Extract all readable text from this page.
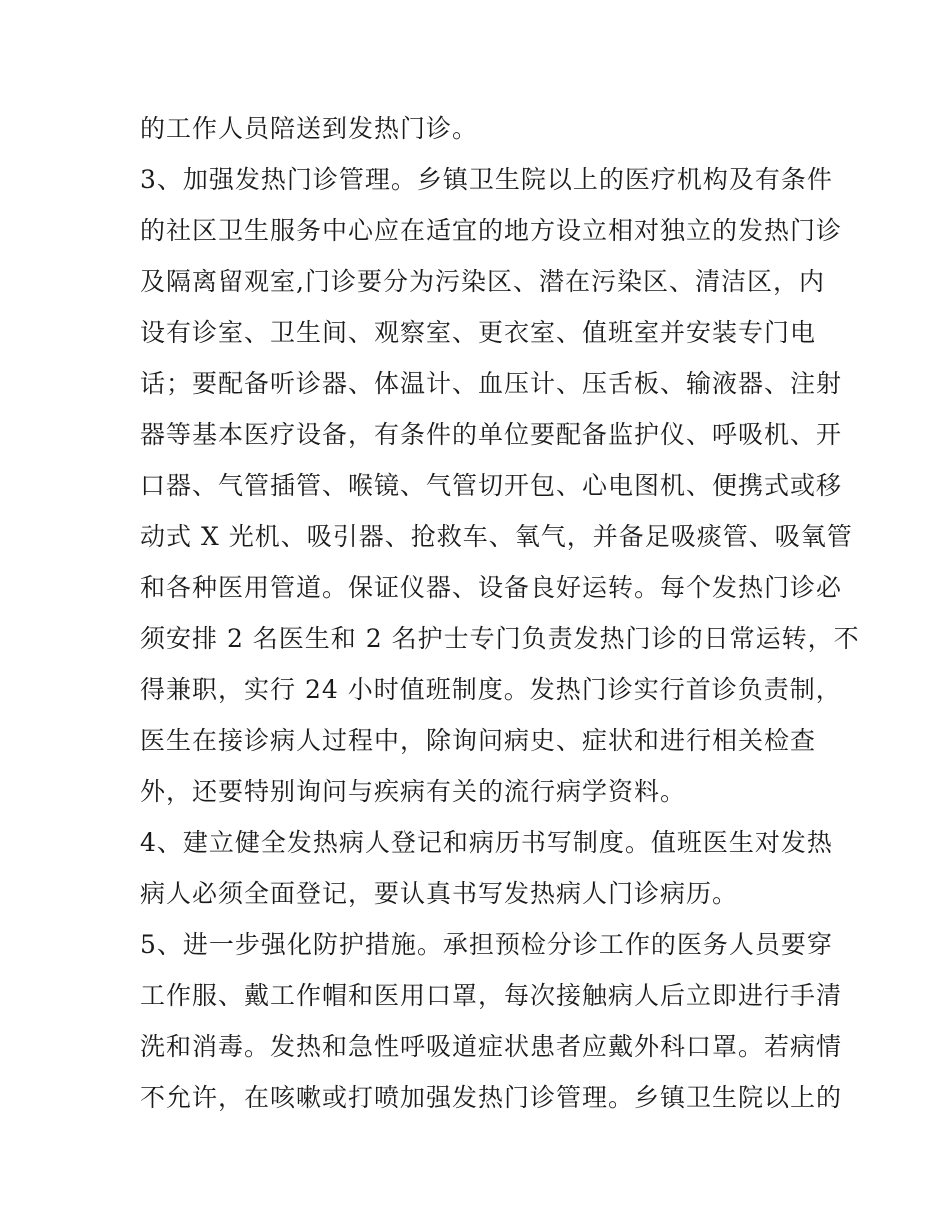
的工作人员陪送到发热门诊。
3、加强发热门诊管理。乡镇卫生院以上的医疗机构及有条件
的社区卫生服务中心应在适宜的地方设立相对独立的发热门诊
及隔离留观室,门诊要分为污染区、潜在污染区、清洁区，内
设有诊室、卫生间、观察室、更衣室、值班室并安装专门电
话；要配备听诊器、体温计、血压计、压舌板、输液器、注射
器等基本医疗设备，有条件的单位要配备监护仪、呼吸机、开
口器、气管插管、喉镜、气管切开包、心电图机、便携式或移
动式 X 光机、吸引器、抢救车、氧气，并备足吸痰管、吸氧管
和各种医用管道。保证仪器、设备良好运转。每个发热门诊必
须安排 2 名医生和 2 名护士专门负责发热门诊的日常运转，不
得兼职，实行 24 小时值班制度。发热门诊实行首诊负责制，
医生在接诊病人过程中，除询问病史、症状和进行相关检查
外，还要特别询问与疾病有关的流行病学资料。
4、建立健全发热病人登记和病历书写制度。值班医生对发热
病人必须全面登记，要认真书写发热病人门诊病历。
5、进一步强化防护措施。承担预检分诊工作的医务人员要穿
工作服、戴工作帽和医用口罩，每次接触病人后立即进行手清
洗和消毒。发热和急性呼吸道症状患者应戴外科口罩。若病情
不允许，在咳嗽或打喷加强发热门诊管理。乡镇卫生院以上的
